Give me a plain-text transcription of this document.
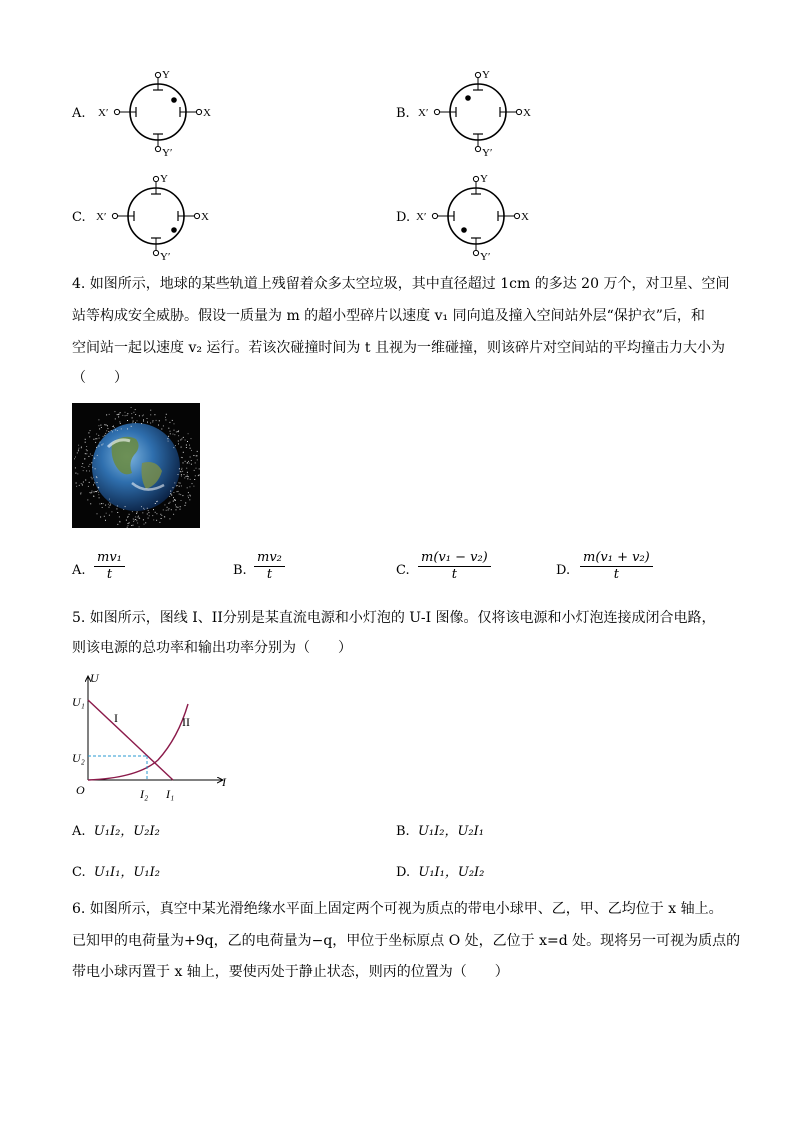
A.
Y
Y′
X
X′	B.
Y
Y′
X
X′
C.
Y
Y′
X
X′	D.
Y
Y′
X
X′
4. 如图所示，地球的某些轨道上残留着众多太空垃圾，其中直径超过 1cm 的多达 20 万个，对卫星、空间
站等构成安全威胁。假设一质量为 m 的超小型碎片以速度 v₁ 同向追及撞入空间站外层“保护衣”后，和
空间站一起以速度 v₂ 运行。若该次碰撞时间为 t 且视为一维碰撞，则该碎片对空间站的平均撞击力大小为
（　　）
A. $\frac{\text{mv₁}}{t}$	B. $\frac{\text{mv₂}}{t}$	C. $\frac{\text{m(v₁ − v₂)}}{t}$	D. $\frac{\text{m(v₁ + v₂)}}{t}$
5. 如图所示，图线 I、II分别是某直流电源和小灯泡的 U-I 图像。仅将该电源和小灯泡连接成闭合电路，
则该电源的总功率和输出功率分别为（　　）
U
I
O
U₁
U₂
I₂ I₁
I	II
A. U₁I₂，U₂I₂	B. U₁I₂，U₂I₁
C. U₁I₁，U₁I₂	D. U₁I₁，U₂I₂
6. 如图所示，真空中某光滑绝缘水平面上固定两个可视为质点的带电小球甲、乙，甲、乙均位于 x 轴上。
已知甲的电荷量为+9q，乙的电荷量为−q，甲位于坐标原点 O 处，乙位于 x=d 处。现将另一可视为质点的
带电小球丙置于 x 轴上，要使丙处于静止状态，则丙的位置为（　　）
